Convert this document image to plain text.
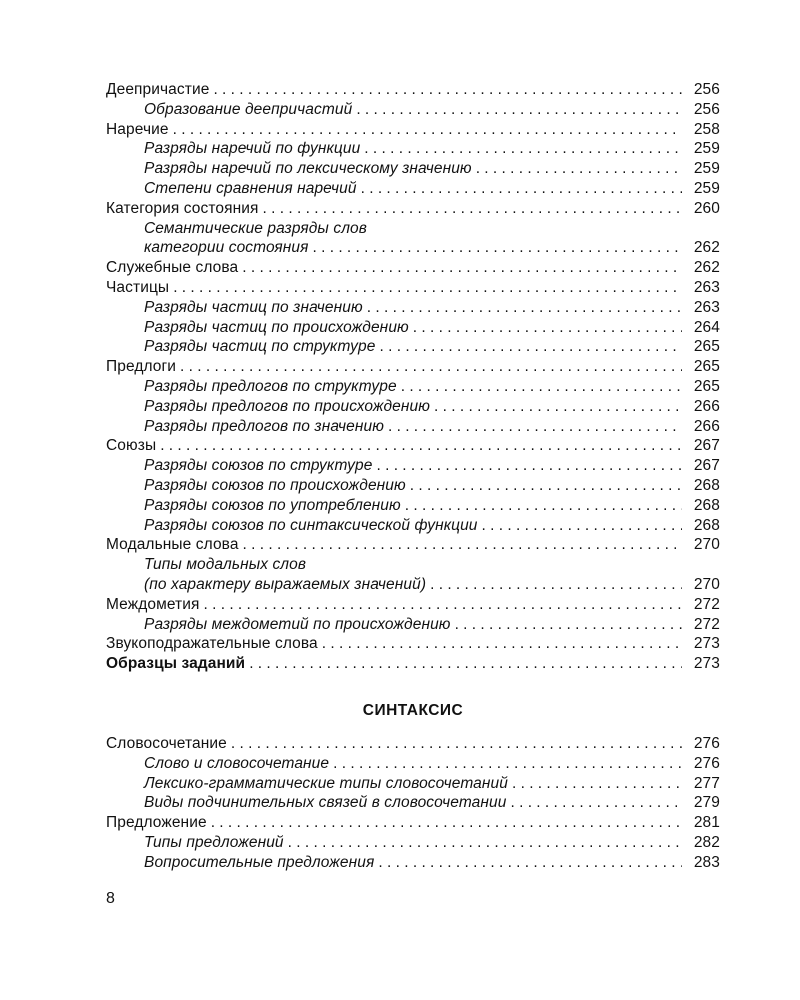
Деепричастие . . .	256
Образование деепричастий . . .	256
Наречие . . .	258
Разряды наречий по функции . . .	259
Разряды наречий по лексическому значению . . .	259
Степени сравнения наречий . . .	259
Категория состояния . . .	260
Семантические разряды слов
категории состояния . . .	262
Служебные слова . . .	262
Частицы . . .	263
Разряды частиц по значению . . .	263
Разряды частиц по происхождению . . .	264
Разряды частиц по структуре . . .	265
Предлоги . . .	265
Разряды предлогов по структуре . . .	265
Разряды предлогов по происхождению . . .	266
Разряды предлогов по значению . . .	266
Союзы . . .	267
Разряды союзов по структуре . . .	267
Разряды союзов по происхождению . . .	268
Разряды союзов по употреблению . . .	268
Разряды союзов по синтаксической функции . . .	268
Модальные слова . . .	270
Типы модальных слов
(по характеру выражаемых значений) . . .	270
Междометия . . .	272
Разряды междометий по происхождению . . .	272
Звукоподражательные слова . . .	273
Образцы заданий . . .	273
СИНТАКСИС
Словосочетание . . .	276
Слово и словосочетание . . .	276
Лексико-грамматические типы словосочетаний . . .	277
Виды подчинительных связей в словосочетании . . .	279
Предложение . . .	281
Типы предложений . . .	282
Вопросительные предложения . . .	283
8
